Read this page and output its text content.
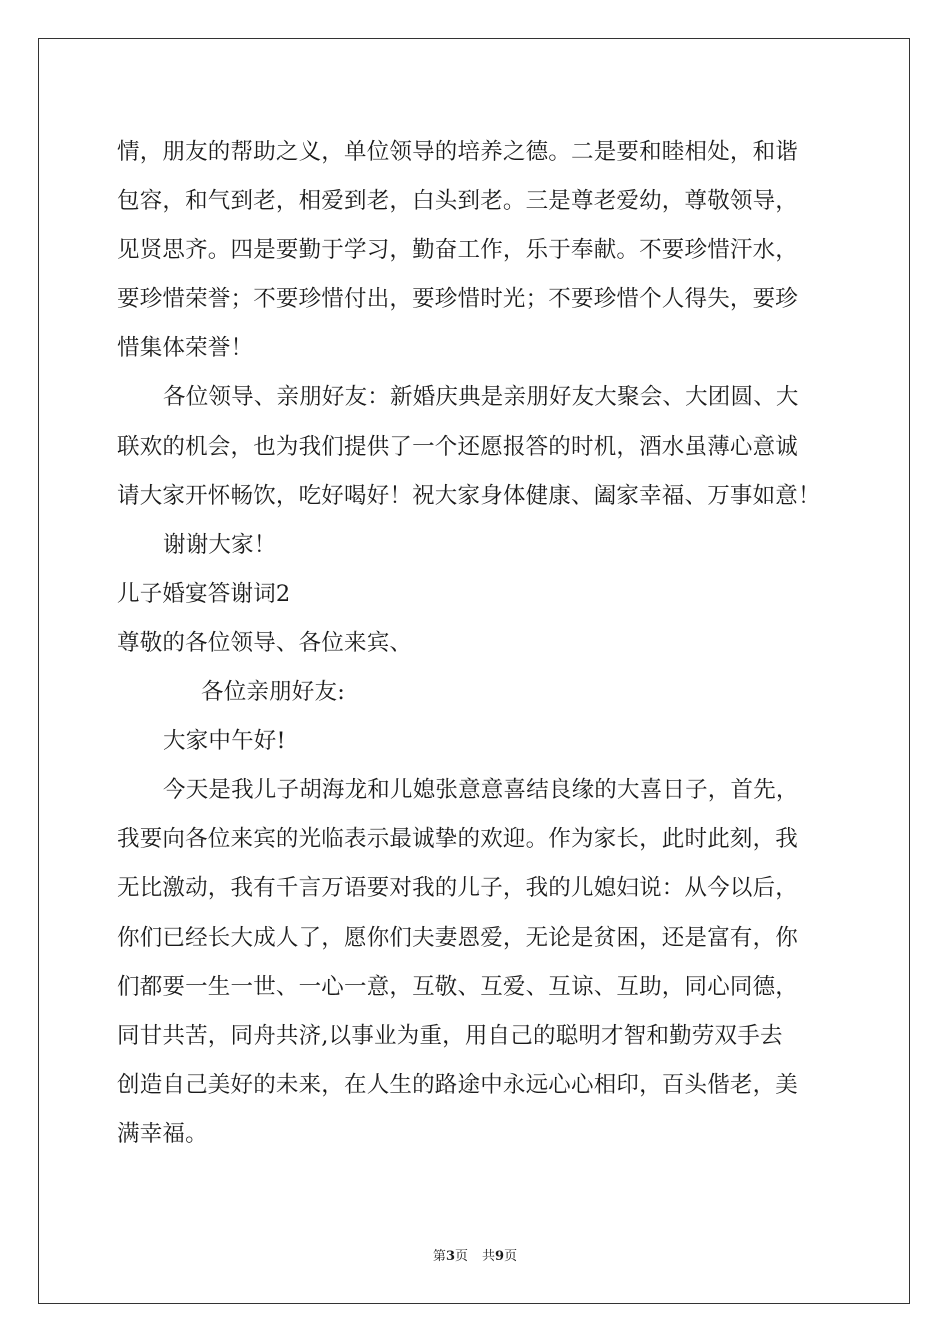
情，朋友的帮助之义，单位领导的培养之德。二是要和睦相处，和谐
包容，和气到老，相爱到老，白头到老。三是尊老爱幼，尊敬领导，
见贤思齐。四是要勤于学习，勤奋工作，乐于奉献。不要珍惜汗水，
要珍惜荣誉；不要珍惜付出，要珍惜时光；不要珍惜个人得失，要珍
惜集体荣誉！
各位领导、亲朋好友：新婚庆典是亲朋好友大聚会、大团圆、大
联欢的机会，也为我们提供了一个还愿报答的时机，酒水虽薄心意诚
请大家开怀畅饮，吃好喝好！祝大家身体健康、阖家幸福、万事如意！
谢谢大家！
儿子婚宴答谢词2
尊敬的各位领导、各位来宾、
各位亲朋好友:
大家中午好!
今天是我儿子胡海龙和儿媳张意意喜结良缘的大喜日子，首先，
我要向各位来宾的光临表示最诚挚的欢迎。作为家长，此时此刻，我
无比激动，我有千言万语要对我的儿子，我的儿媳妇说：从今以后，
你们已经长大成人了，愿你们夫妻恩爱，无论是贫困，还是富有，你
们都要一生一世、一心一意，互敬、互爱、互谅、互助，同心同德，
同甘共苦，同舟共济,以事业为重，用自己的聪明才智和勤劳双手去
创造自己美好的未来，在人生的路途中永远心心相印，百头偕老，美
满幸福。
第3页 共9页
